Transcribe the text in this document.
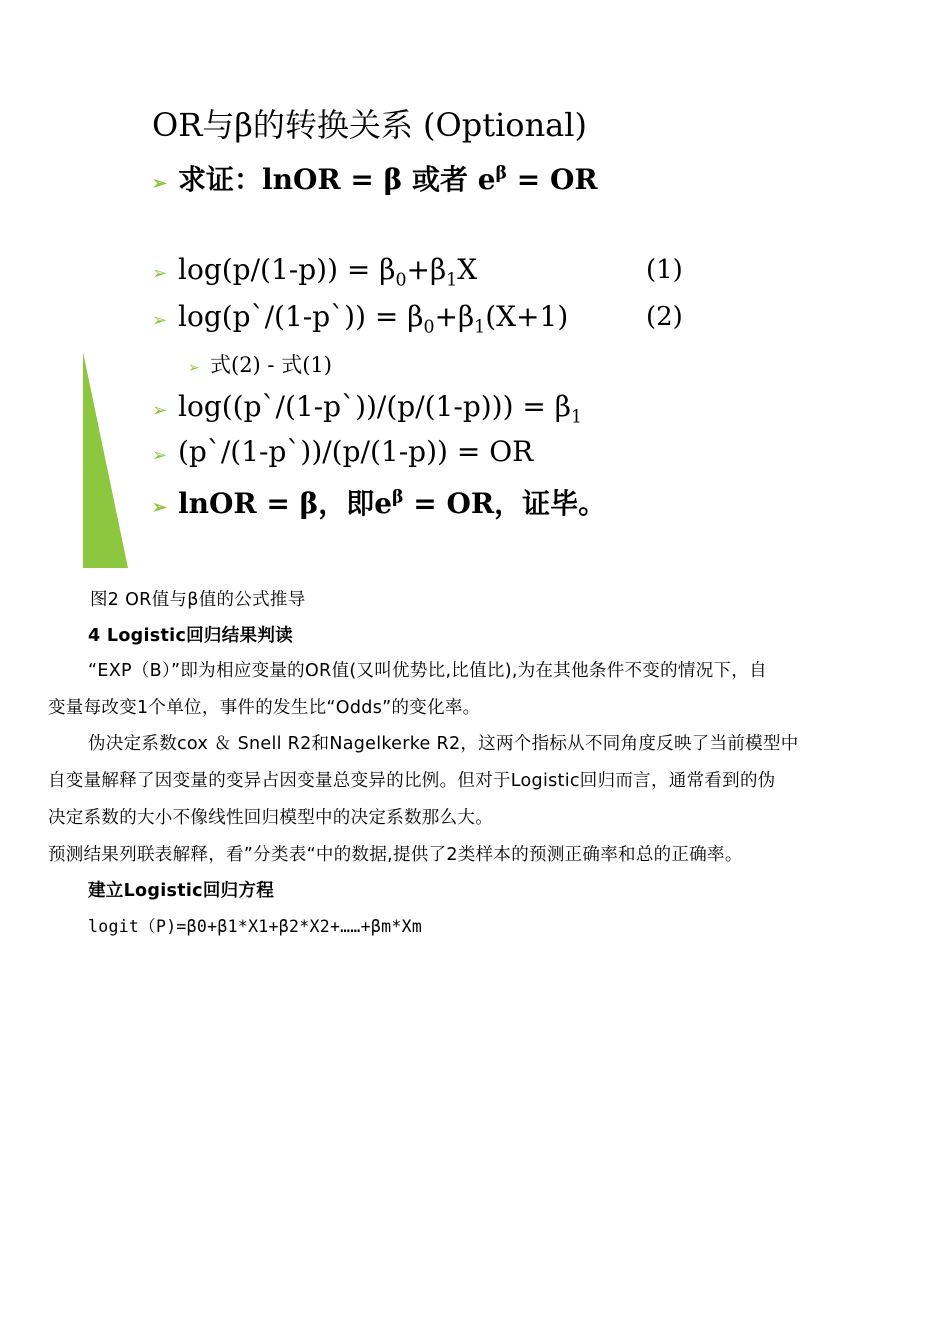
OR与β的转换关系 (Optional)
➢ 求证：lnOR = β 或者 $e^\beta$ = OR
➢ $\log(p/(1-p)) = \beta_0+\beta_1X$	(1)
➢ log(p`/(1-p`)) = $\beta_0+\beta_1(X+1)$	(2)
➢ 式(2) - 式(1)
➢ log((p`/(1-p`))/(p/(1-p))) = $\beta_1$
➢ (p`/(1-p`))/(p/(1-p)) = OR
➢ lnOR = β，即$e^\beta$ = OR，证毕。
图2 OR值与β值的公式推导
4 Logistic回归结果判读
“EXP（B）”即为相应变量的OR值(又叫优势比,比值比),为在其他条件不变的情况下，自
变量每改变1个单位，事件的发生比“Odds”的变化率。
伪决定系数cox ＆ Snell R2和Nagelkerke R2，这两个指标从不同角度反映了当前模型中
自变量解释了因变量的变异占因变量总变异的比例。但对于Logistic回归而言，通常看到的伪
决定系数的大小不像线性回归模型中的决定系数那么大。
预测结果列联表解释，看”分类表“中的数据,提供了2类样本的预测正确率和总的正确率。
建立Logistic回归方程
logit（P)=β0+β1*X1+β2*X2+……+βm*Xm
